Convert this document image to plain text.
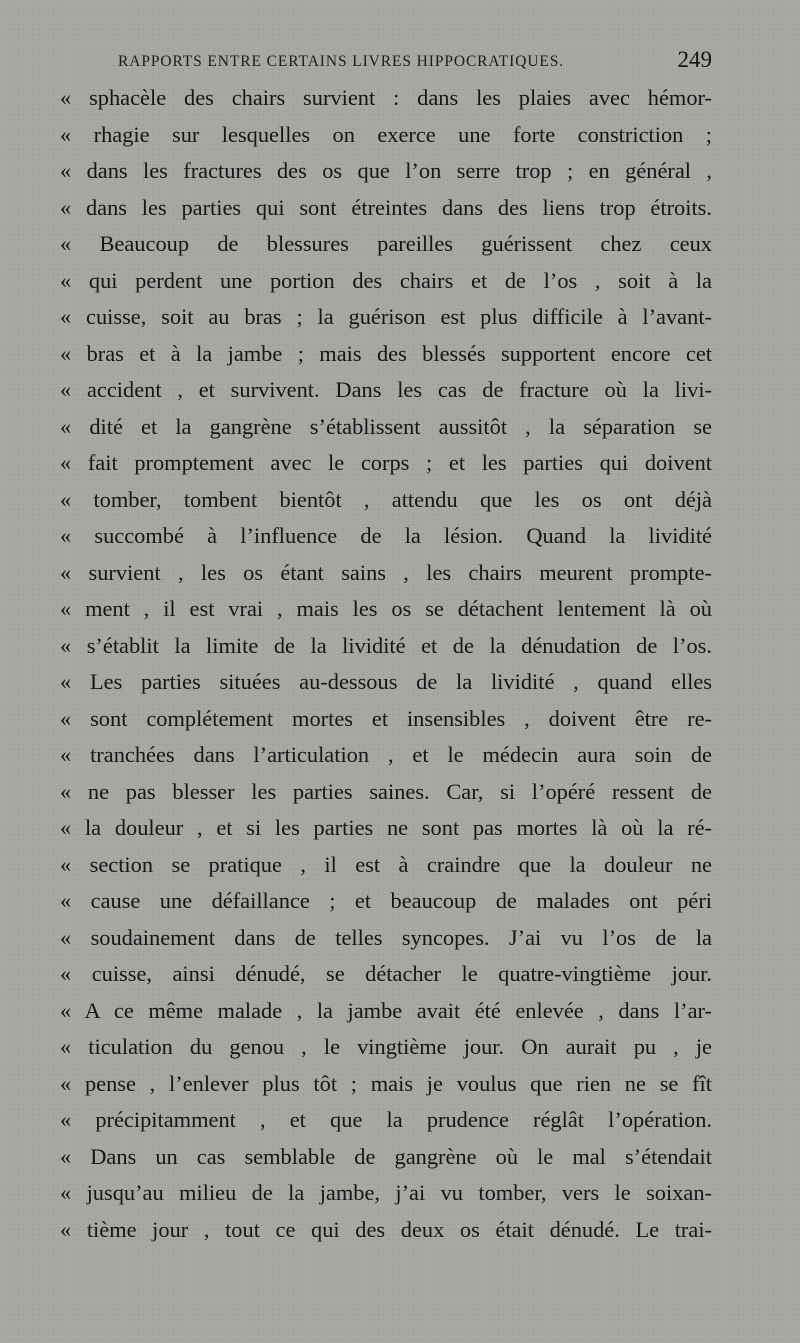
RAPPORTS ENTRE CERTAINS LIVRES HIPPOCRATIQUES.	249
« sphacèle des chairs survient : dans les plaies avec hémor-
« rhagie sur lesquelles on exerce une forte constriction ;
« dans les fractures des os que l’on serre trop ; en général ,
« dans les parties qui sont étreintes dans des liens trop étroits.
« Beaucoup de blessures pareilles guérissent chez ceux
« qui perdent une portion des chairs et de l’os , soit à la
« cuisse, soit au bras ; la guérison est plus difficile à l’avant-
« bras et à la jambe ; mais des blessés supportent encore cet
« accident , et survivent. Dans les cas de fracture où la livi-
« dité et la gangrène s’établissent aussitôt , la séparation se
« fait promptement avec le corps ; et les parties qui doivent
« tomber, tombent bientôt , attendu que les os ont déjà
« succombé à l’influence de la lésion. Quand la lividité
« survient , les os étant sains , les chairs meurent prompte-
« ment , il est vrai , mais les os se détachent lentement là où
« s’établit la limite de la lividité et de la dénudation de l’os.
« Les parties situées au-dessous de la lividité , quand elles
« sont complétement mortes et insensibles , doivent être re-
« tranchées dans l’articulation , et le médecin aura soin de
« ne pas blesser les parties saines. Car, si l’opéré ressent de
« la douleur , et si les parties ne sont pas mortes là où la ré-
« section se pratique , il est à craindre que la douleur ne
« cause une défaillance ; et beaucoup de malades ont péri
« soudainement dans de telles syncopes. J’ai vu l’os de la
« cuisse, ainsi dénudé, se détacher le quatre-vingtième jour.
« A ce même malade , la jambe avait été enlevée , dans l’ar-
« ticulation du genou , le vingtième jour. On aurait pu , je
« pense , l’enlever plus tôt ; mais je voulus que rien ne se fît
« précipitamment , et que la prudence réglât l’opération.
« Dans un cas semblable de gangrène où le mal s’étendait
« jusqu’au milieu de la jambe, j’ai vu tomber, vers le soixan-
« tième jour , tout ce qui des deux os était dénudé. Le trai-
